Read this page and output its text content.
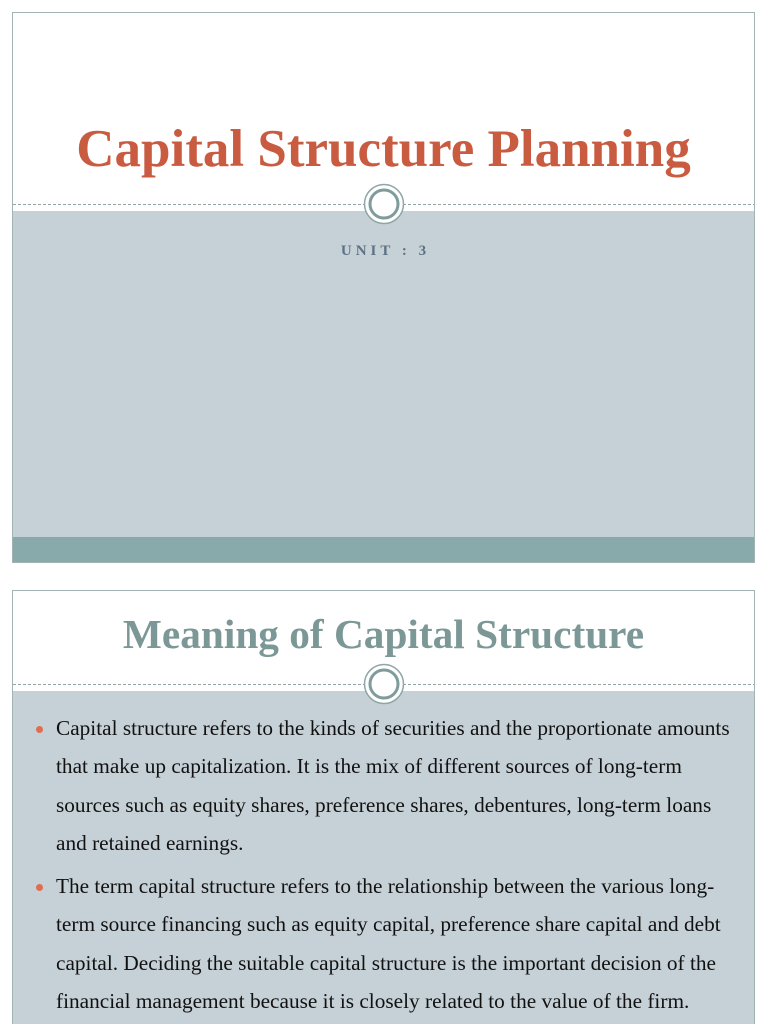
Capital Structure Planning
UNIT : 3
Meaning of Capital Structure
Capital structure refers to the kinds of securities and the proportionate amounts
that make up capitalization. It is the mix of different sources of long-term
sources such as equity shares, preference shares, debentures, long-term loans
and retained earnings.
The term capital structure refers to the relationship between the various long-
term source financing such as equity capital, preference share capital and debt
capital. Deciding the suitable capital structure is the important decision of the
financial management because it is closely related to the value of the firm.
